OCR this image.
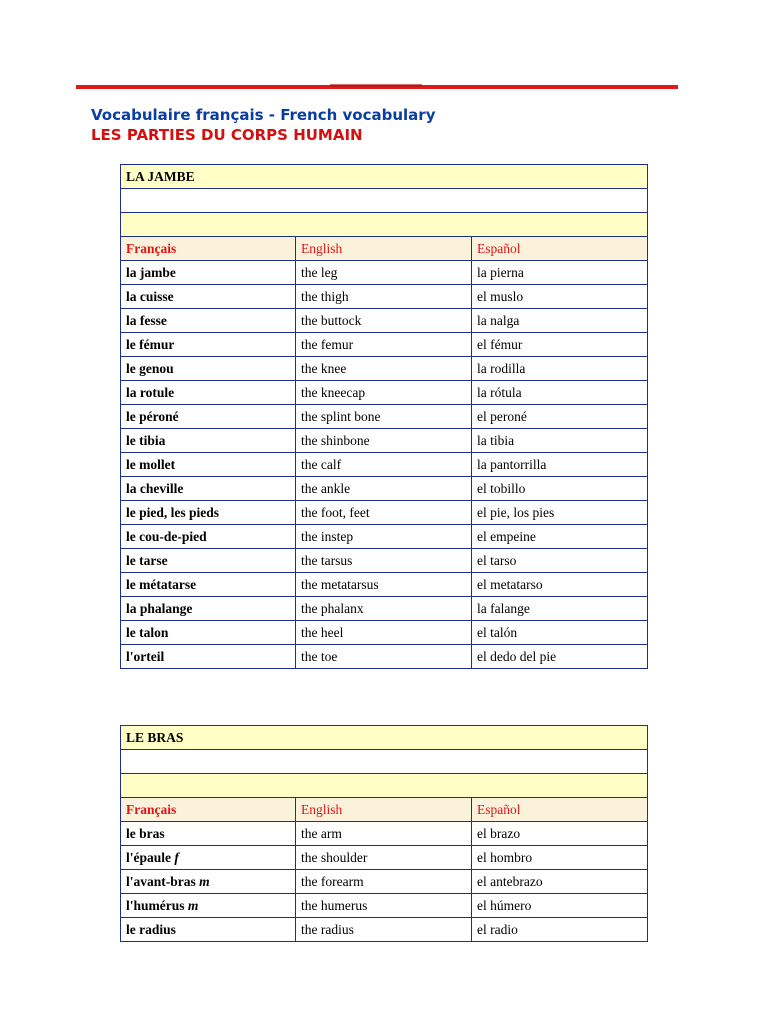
Vocabulaire français - French vocabulary
LES PARTIES DU CORPS HUMAIN
LA JAMBE		

Français	English	Español
la jambe	the leg	la pierna
la cuisse	the thigh	el muslo
la fesse	the buttock	la nalga
le fémur	the femur	el fémur
le genou	the knee	la rodilla
la rotule	the kneecap	la rótula
le péroné	the splint bone	el peroné
le tibia	the shinbone	la tibia
le mollet	the calf	la pantorrilla
la cheville	the ankle	el tobillo
le pied, les pieds	the foot, feet	el pie, los pies
le cou-de-pied	the instep	el empeine
le tarse	the tarsus	el tarso
le métatarse	the metatarsus	el metatarso
la phalange	the phalanx	la falange
le talon	the heel	el talón
l'orteil	the toe	el dedo del pie
LE BRAS		

Français	English	Español
le bras	the arm	el brazo
l'épaule f	the shoulder	el hombro
l'avant-bras m	the forearm	el antebrazo
l'humérus m	the humerus	el húmero
le radius	the radius	el radio
